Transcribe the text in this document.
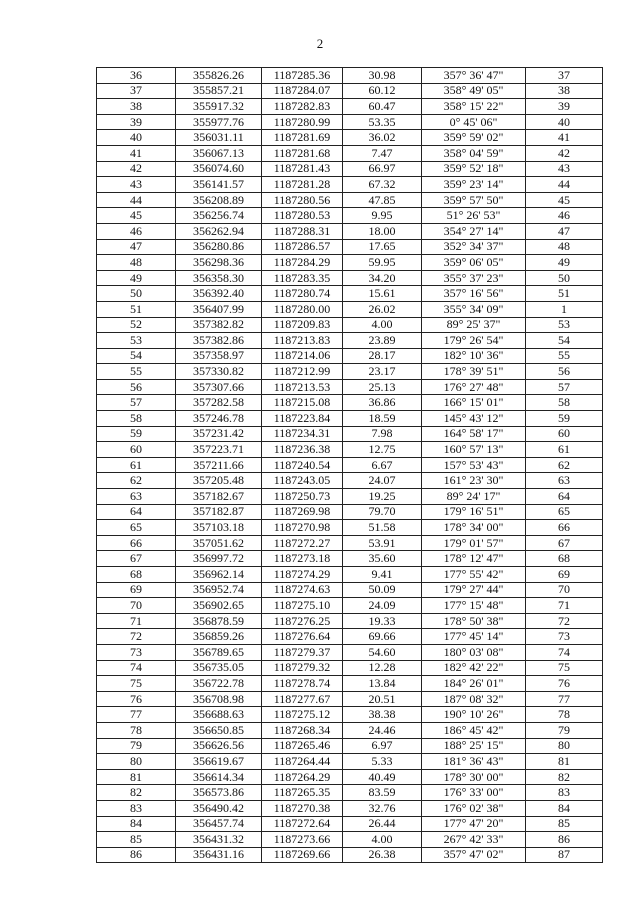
2
36	355826.26	1187285.36	30.98	357° 36' 47"	37
37	355857.21	1187284.07	60.12	358° 49' 05"	38
38	355917.32	1187282.83	60.47	358° 15' 22"	39
39	355977.76	1187280.99	53.35	0° 45' 06"	40
40	356031.11	1187281.69	36.02	359° 59' 02"	41
41	356067.13	1187281.68	7.47	358° 04' 59"	42
42	356074.60	1187281.43	66.97	359° 52' 18"	43
43	356141.57	1187281.28	67.32	359° 23' 14"	44
44	356208.89	1187280.56	47.85	359° 57' 50"	45
45	356256.74	1187280.53	9.95	51° 26' 53"	46
46	356262.94	1187288.31	18.00	354° 27' 14"	47
47	356280.86	1187286.57	17.65	352° 34' 37"	48
48	356298.36	1187284.29	59.95	359° 06' 05"	49
49	356358.30	1187283.35	34.20	355° 37' 23"	50
50	356392.40	1187280.74	15.61	357° 16' 56"	51
51	356407.99	1187280.00	26.02	355° 34' 09"	1
52	357382.82	1187209.83	4.00	89° 25' 37"	53
53	357382.86	1187213.83	23.89	179° 26' 54"	54
54	357358.97	1187214.06	28.17	182° 10' 36"	55
55	357330.82	1187212.99	23.17	178° 39' 51"	56
56	357307.66	1187213.53	25.13	176° 27' 48"	57
57	357282.58	1187215.08	36.86	166° 15' 01"	58
58	357246.78	1187223.84	18.59	145° 43' 12"	59
59	357231.42	1187234.31	7.98	164° 58' 17"	60
60	357223.71	1187236.38	12.75	160° 57' 13"	61
61	357211.66	1187240.54	6.67	157° 53' 43"	62
62	357205.48	1187243.05	24.07	161° 23' 30"	63
63	357182.67	1187250.73	19.25	89° 24' 17"	64
64	357182.87	1187269.98	79.70	179° 16' 51"	65
65	357103.18	1187270.98	51.58	178° 34' 00"	66
66	357051.62	1187272.27	53.91	179° 01' 57"	67
67	356997.72	1187273.18	35.60	178° 12' 47"	68
68	356962.14	1187274.29	9.41	177° 55' 42"	69
69	356952.74	1187274.63	50.09	179° 27' 44"	70
70	356902.65	1187275.10	24.09	177° 15' 48"	71
71	356878.59	1187276.25	19.33	178° 50' 38"	72
72	356859.26	1187276.64	69.66	177° 45' 14"	73
73	356789.65	1187279.37	54.60	180° 03' 08"	74
74	356735.05	1187279.32	12.28	182° 42' 22"	75
75	356722.78	1187278.74	13.84	184° 26' 01"	76
76	356708.98	1187277.67	20.51	187° 08' 32"	77
77	356688.63	1187275.12	38.38	190° 10' 26"	78
78	356650.85	1187268.34	24.46	186° 45' 42"	79
79	356626.56	1187265.46	6.97	188° 25' 15"	80
80	356619.67	1187264.44	5.33	181° 36' 43"	81
81	356614.34	1187264.29	40.49	178° 30' 00"	82
82	356573.86	1187265.35	83.59	176° 33' 00"	83
83	356490.42	1187270.38	32.76	176° 02' 38"	84
84	356457.74	1187272.64	26.44	177° 47' 20"	85
85	356431.32	1187273.66	4.00	267° 42' 33"	86
86	356431.16	1187269.66	26.38	357° 47' 02"	87
